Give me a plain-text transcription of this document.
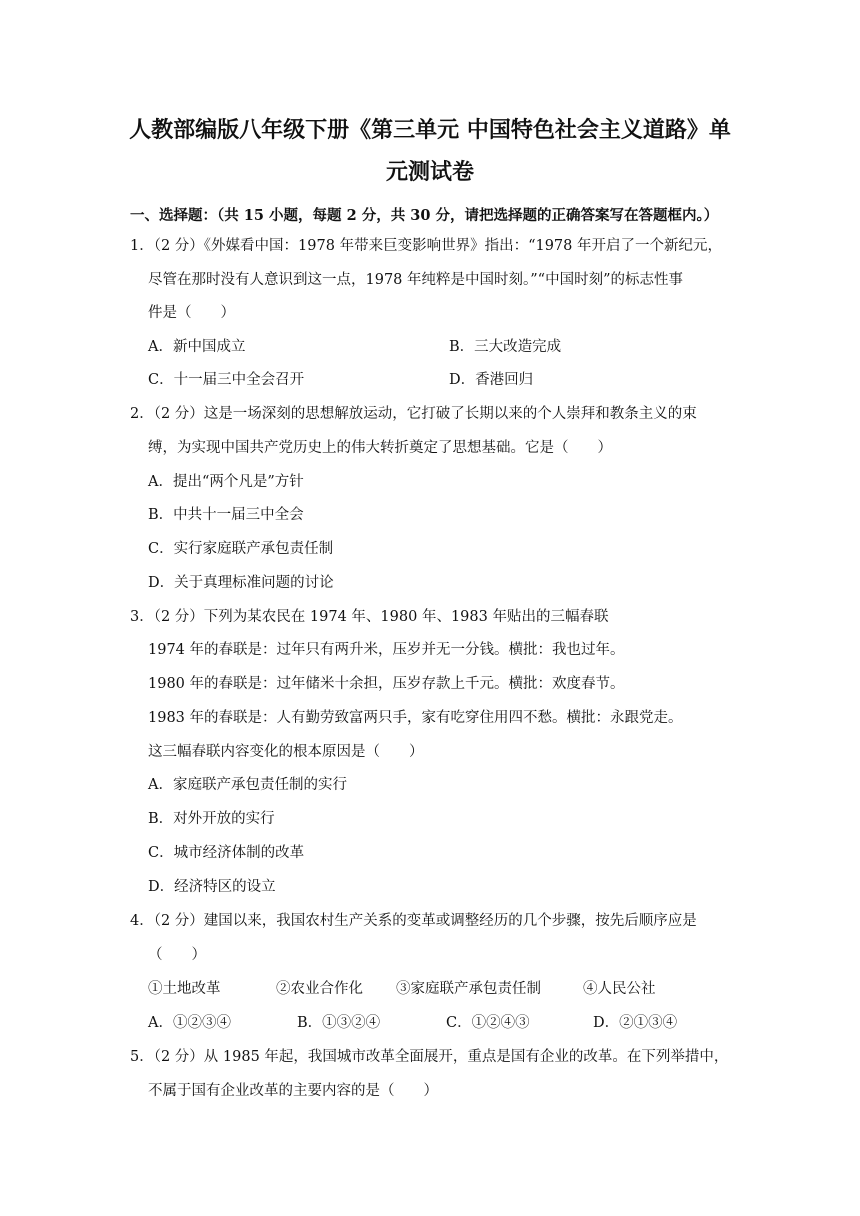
人教部编版八年级下册《第三单元 中国特色社会主义道路》单
元测试卷
一、选择题：（共 15 小题，每题 2 分，共 30 分，请把选择题的正确答案写在答题框内。）
1．（2 分）《外媒看中国：1978 年带来巨变影响世界》指出：“1978 年开启了一个新纪元，
尽管在那时没有人意识到这一点，1978 年纯粹是中国时刻。”“中国时刻”的标志性事
件是（　　）
A．新中国成立	B．三大改造完成
C．十一届三中全会召开	D．香港回归
2．（2 分）这是一场深刻的思想解放运动，它打破了长期以来的个人崇拜和教条主义的束
缚，为实现中国共产党历史上的伟大转折奠定了思想基础。它是（　　）
A．提出“两个凡是”方针
B．中共十一届三中全会
C．实行家庭联产承包责任制
D．关于真理标准问题的讨论
3．（2 分）下列为某农民在 1974 年、1980 年、1983 年贴出的三幅春联
1974 年的春联是：过年只有两升米，压岁并无一分钱。横批：我也过年。
1980 年的春联是：过年储米十余担，压岁存款上千元。横批：欢度春节。
1983 年的春联是：人有勤劳致富两只手，家有吃穿住用四不愁。横批：永跟党走。
这三幅春联内容变化的根本原因是（　　）
A．家庭联产承包责任制的实行
B．对外开放的实行
C．城市经济体制的改革
D．经济特区的设立
4．（2 分）建国以来，我国农村生产关系的变革或调整经历的几个步骤，按先后顺序应是
（　　）
①土地改革	②农业合作化 ③家庭联产承包责任制	④人民公社
A．①②③④	B．①③②④	C．①②④③	D．②①③④
5．（2 分）从 1985 年起，我国城市改革全面展开，重点是国有企业的改革。在下列举措中，
不属于国有企业改革的主要内容的是（　　）
